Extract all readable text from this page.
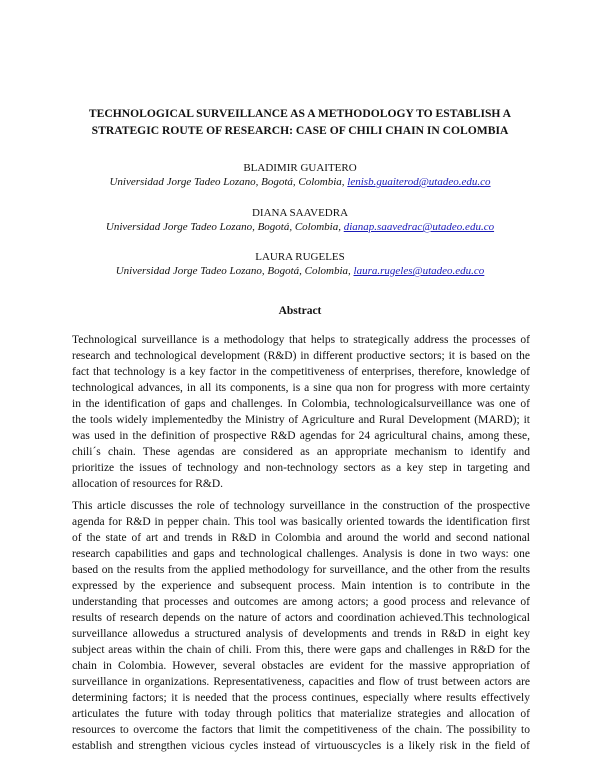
TECHNOLOGICAL SURVEILLANCE AS A METHODOLOGY TO ESTABLISH A
STRATEGIC ROUTE OF RESEARCH: CASE OF CHILI CHAIN IN COLOMBIA
BLADIMIR GUAITERO
Universidad Jorge Tadeo Lozano, Bogotá, Colombia, lenisb.guaiterod@utadeo.edu.co
DIANA SAAVEDRA
Universidad Jorge Tadeo Lozano, Bogotá, Colombia, dianap.saavedrac@utadeo.edu.co
LAURA RUGELES
Universidad Jorge Tadeo Lozano, Bogotá, Colombia, laura.rugeles@utadeo.edu.co
Abstract
Technological surveillance is a methodology that helps to strategically address the processes of
research and technological development (R&D) in different productive sectors; it is based on the
fact that technology is a key factor in the competitiveness of enterprises, therefore, knowledge of
technological advances, in all its components, is a sine qua non for progress with more certainty
in the identification of gaps and challenges. In Colombia, technologicalsurveillance was one of
the tools widely implementedby the Ministry of Agriculture and Rural Development (MARD); it
was used in the definition of prospective R&D agendas for 24 agricultural chains, among these,
chili´s chain. These agendas are considered as an appropriate mechanism to identify and
prioritize the issues of technology and non-technology sectors as a key step in targeting and
allocation of resources for R&D.
This article discusses the role of technology surveillance in the construction of the prospective
agenda for R&D in pepper chain. This tool was basically oriented towards the identification first
of the state of art and trends in R&D in Colombia and around the world and second national
research capabilities and gaps and technological challenges. Analysis is done in two ways: one
based on the results from the applied methodology for surveillance, and the other from the results
expressed by the experience and subsequent process. Main intention is to contribute in the
understanding that processes and outcomes are among actors; a good process and relevance of
results of research depends on the nature of actors and coordination achieved.This technological
surveillance allowedus a structured analysis of developments and trends in R&D in eight key
subject areas within the chain of chili. From this, there were gaps and challenges in R&D for the
chain in Colombia. However, several obstacles are evident for the massive appropriation of
surveillance in organizations. Representativeness, capacities and flow of trust between actors are
determining factors; it is needed that the process continues, especially where results effectively
articulates the future with today through politics that materialize strategies and allocation of
resources to overcome the factors that limit the competitiveness of the chain. The possibility to
establish and strengthen vicious cycles instead of virtuouscycles is a likely risk in the field of
